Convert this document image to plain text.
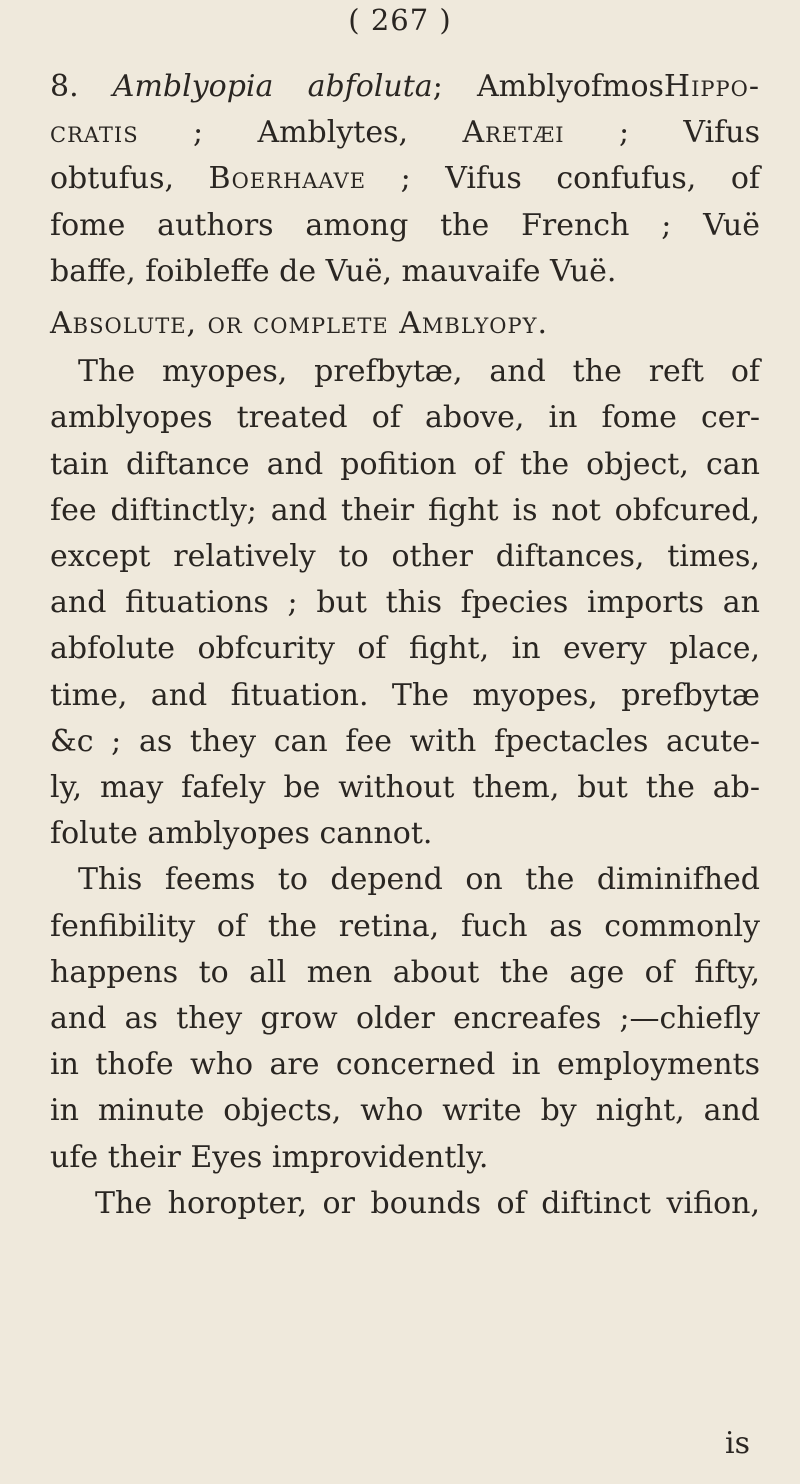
( 267 )
8. Amblyopia abfoluta; AmblyofmosHippo-
cratis ; Amblytes, Aretæi ; Vifus
obtufus, Boerhaave ; Vifus confufus, of
fome authors among the French ; Vuë
baffe, foibleffe de Vuë, mauvaife Vuë.
Absolute, or complete Amblyopy.
The myopes, prefbytæ, and the reft of
amblyopes treated of above, in fome cer-
tain diftance and pofition of the object, can
fee diftinctly; and their fight is not obfcured,
except relatively to other diftances, times,
and fituations ; but this fpecies imports an
abfolute obfcurity of fight, in every place,
time, and fituation. The myopes, prefbytæ
&c ; as they can fee with fpectacles acute-
ly, may fafely be without them, but the ab-
folute amblyopes cannot.
This feems to depend on the diminifhed
fenfibility of the retina, fuch as commonly
happens to all men about the age of fifty,
and as they grow older encreafes ;—chiefly
in thofe who are concerned in employments
in minute objects, who write by night, and
ufe their Eyes improvidently.
The horopter, or bounds of diftinct vifion,
is
